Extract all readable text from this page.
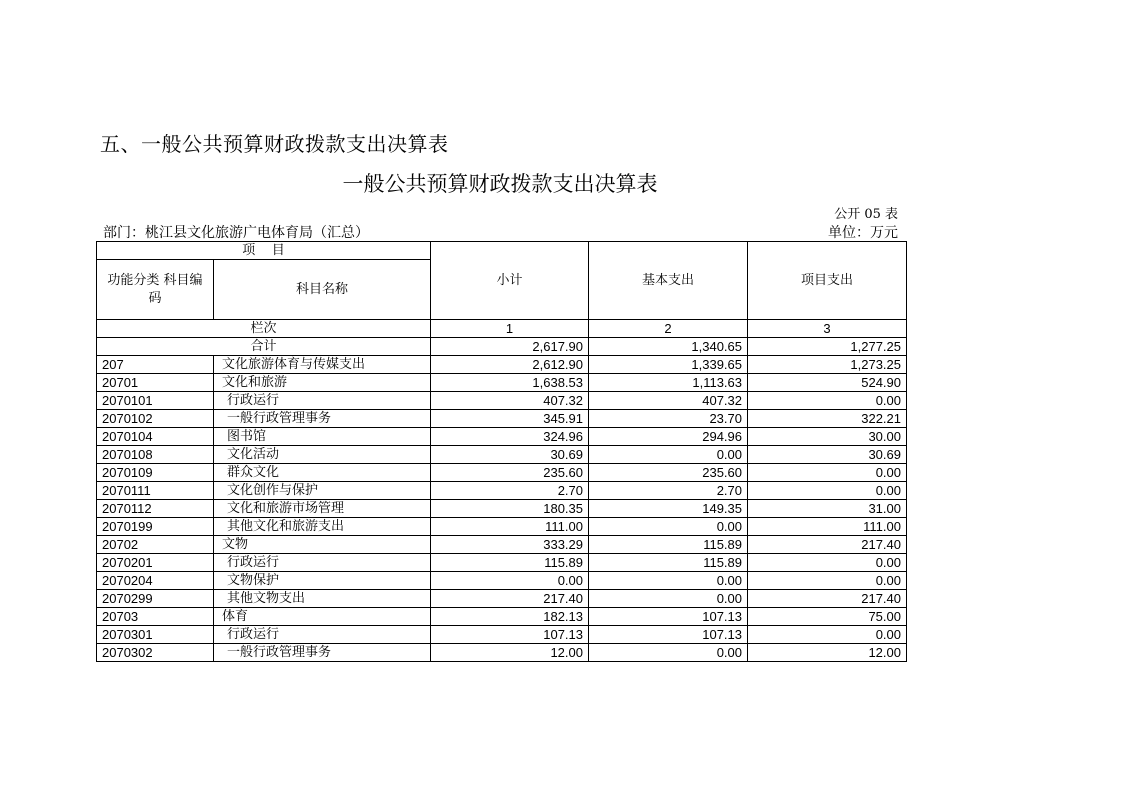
五、一般公共预算财政拨款支出决算表
一般公共预算财政拨款支出决算表
公开 05 表
部门：桃江县文化旅游广电体育局（汇总）	单位：万元
项    目		小计	基本支出	项目支出
功能分类 科目编码	科目名称			
栏次		1	2	3
合计		2,617.90	1,340.65	1,277.25
207	文化旅游体育与传媒支出	2,612.90	1,339.65	1,273.25
20701	文化和旅游	1,638.53	1,113.63	524.90
2070101	行政运行	407.32	407.32	0.00
2070102	一般行政管理事务	345.91	23.70	322.21
2070104	图书馆	324.96	294.96	30.00
2070108	文化活动	30.69	0.00	30.69
2070109	群众文化	235.60	235.60	0.00
2070111	文化创作与保护	2.70	2.70	0.00
2070112	文化和旅游市场管理	180.35	149.35	31.00
2070199	其他文化和旅游支出	111.00	0.00	111.00
20702	文物	333.29	115.89	217.40
2070201	行政运行	115.89	115.89	0.00
2070204	文物保护	0.00	0.00	0.00
2070299	其他文物支出	217.40	0.00	217.40
20703	体育	182.13	107.13	75.00
2070301	行政运行	107.13	107.13	0.00
2070302	一般行政管理事务	12.00	0.00	12.00
